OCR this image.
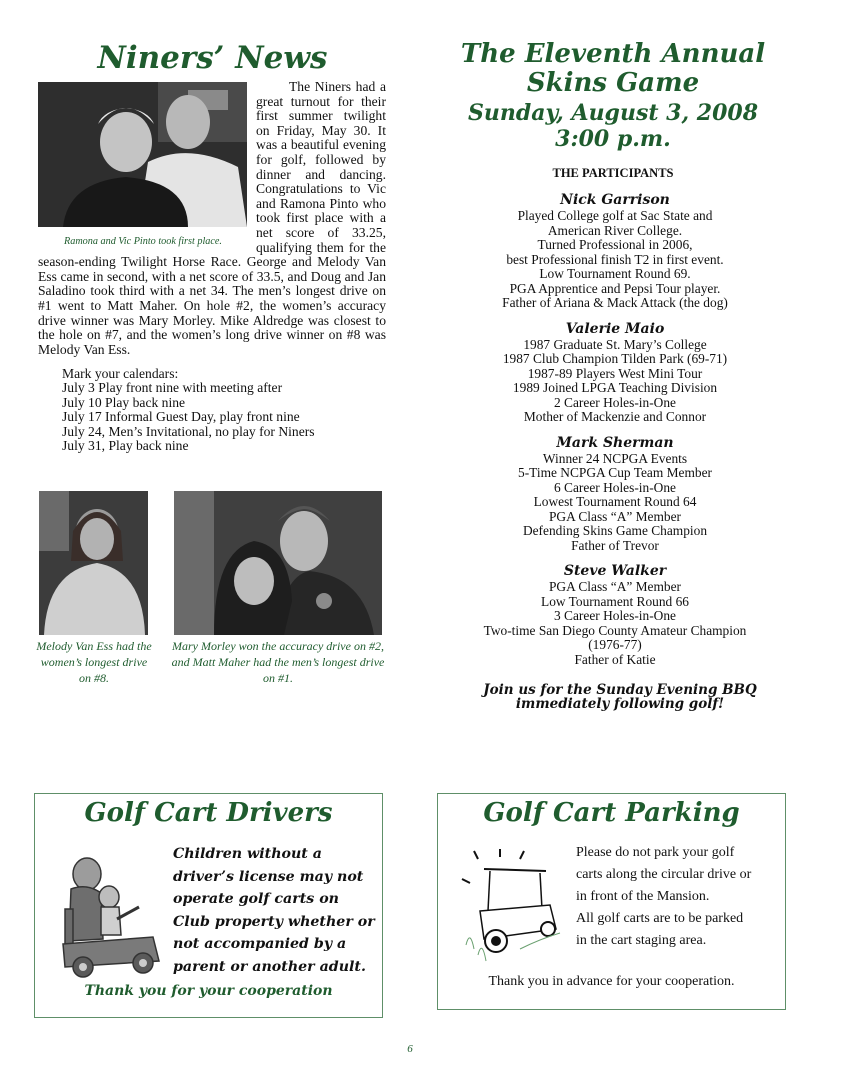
Niners’ News

The Niners had a great turnout for their first summer twilight on Friday, May 30. It was a beautiful evening for golf, followed by dinner and dancing. Congratulations to Vic and Ramona Pinto who took first place with a net score of 33.25, qualifying them for the season-ending Twilight Horse Race. George and Melody Van Ess came in second, with a net score of 33.5, and Doug and Jan Saladino took third with a net 34. The men’s longest drive on #1 went to Matt Maher. On hole #2, the women’s accuracy drive winner was Mary Morley. Mike Aldredge was closest to the hole on #7, and the women’s long drive winner on #8 was Melody Van Ess.

Ramona and Vic Pinto took first place.
Mark your calendars:
July 3 Play front nine with meeting after
July 10 Play back nine
July 17 Informal Guest Day, play front nine
July 24, Men’s Invitational, no play for Niners
July 31, Play back nine
Melody Van Ess had the women’s longest drive on #8.
Mary Morley won the accuracy drive on #2, and Matt Maher had the men’s longest drive on #1.
The Eleventh Annual
Skins Game
Sunday, August 3, 2008
3:00 p.m.
THE PARTICIPANTS
Nick Garrison
Played College golf at Sac State and
American River College.
Turned Professional in 2006,
best Professional finish T2 in first event.
Low Tournament Round 69.
PGA Apprentice and Pepsi Tour player.
Father of Ariana & Mack Attack (the dog)
Valerie Maio
1987 Graduate St. Mary’s College
1987 Club Champion Tilden Park (69-71)
1987-89 Players West Mini Tour
1989 Joined LPGA Teaching Division
2 Career Holes-in-One
Mother of Mackenzie and Connor
Mark Sherman
Winner 24 NCPGA Events
5-Time NCPGA Cup Team Member
6 Career Holes-in-One
Lowest Tournament Round 64
PGA Class “A” Member
Defending Skins Game Champion
Father of Trevor
Steve Walker
PGA Class “A” Member
Low Tournament Round 66
3 Career Holes-in-One
Two-time San Diego County Amateur Champion
(1976-77)
Father of Katie
Join us for the Sunday Evening BBQ
immediately following golf!
Golf Cart Drivers
Children without a driver’s license may not operate golf carts on Club property whether or not accompanied by a parent or another adult.
Thank you for your cooperation
Golf Cart Parking
Please do not park your golf
carts along the circular drive or
in front of the Mansion.
All golf carts are to be parked
in the cart staging area.
Thank you in advance for your cooperation.
6
